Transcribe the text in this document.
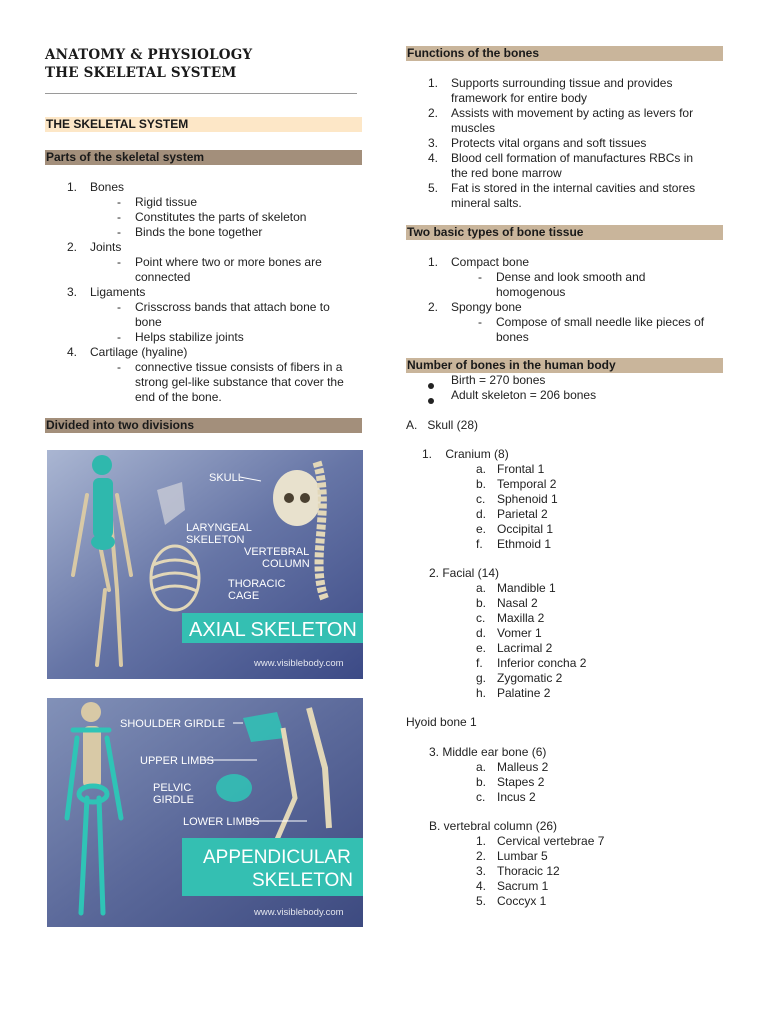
ANATOMY & PHYSIOLOGY
THE SKELETAL SYSTEM
THE SKELETAL SYSTEM
Parts of the skeletal system
1.	Bones
- Rigid tissue
- Constitutes the parts of skeleton
- Binds the bone together
2.	Joints
- Point where two or more bones are connected
3.	Ligaments
- Crisscross bands that attach bone to bone
- Helps stabilize joints
4.	Cartilage (hyaline)
- connective tissue consists of fibers in a strong gel-like substance that cover the end of the bone.
Divided into two divisions
SKULL
LARYNGEAL
SKELETON
VERTEBRAL
COLUMN
THORACIC
CAGE
AXIAL SKELETON
www.visiblebody.com
SHOULDER GIRDLE
UPPER LIMBS
PELVIC
GIRDLE
LOWER LIMBS
APPENDICULAR
SKELETON
www.visiblebody.com
Functions of the bones
1. Supports surrounding tissue and provides framework for entire body
2. Assists with movement by acting as levers for muscles
3. Protects vital organs and soft tissues
4. Blood cell formation of manufactures RBCs in the red bone marrow
5. Fat is stored in the internal cavities and stores mineral salts.
Two basic types of bone tissue
1. Compact bone
- Dense and look smooth and homogenous
2. Spongy bone
- Compose of small needle like pieces of bones
Number of bones in the human body
Birth = 270 bones
Adult skeleton = 206 bones
A.   Skull (28)
1.    Cranium (8)
a. Frontal 1
b. Temporal 2
c. Sphenoid 1
d. Parietal 2
e. Occipital 1
f. Ethmoid 1
2. Facial (14)
a. Mandible 1
b. Nasal 2
c. Maxilla 2
d. Vomer 1
e. Lacrimal 2
f. Inferior concha 2
g. Zygomatic 2
h. Palatine 2
Hyoid bone 1
3. Middle ear bone (6)
a. Malleus 2
b. Stapes 2
c. Incus 2
B. vertebral column (26)
1. Cervical vertebrae 7
2. Lumbar 5
3. Thoracic 12
4. Sacrum 1
5. Coccyx 1
